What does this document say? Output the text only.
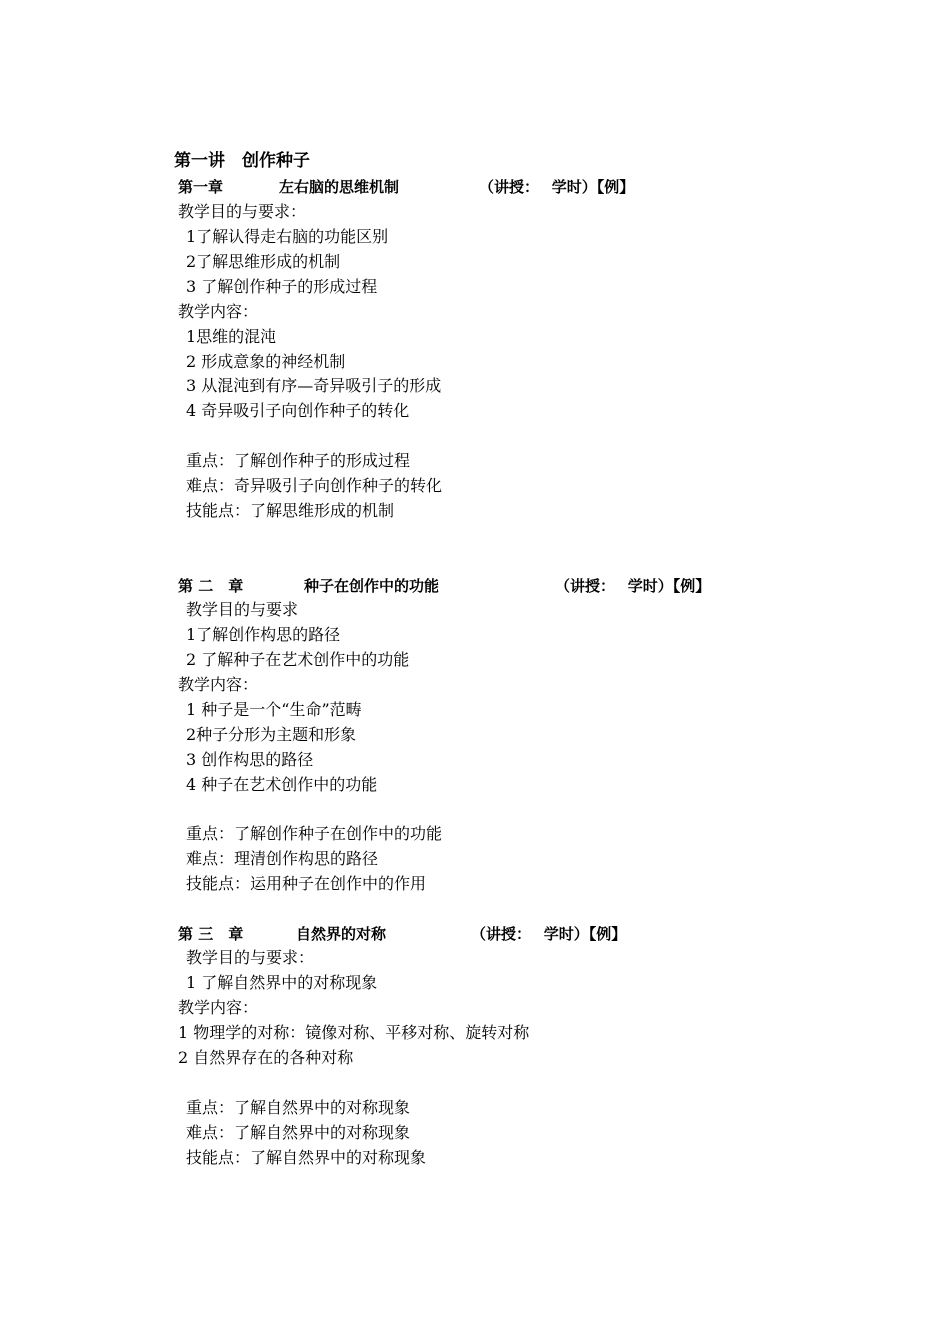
第一讲　创作种子
第一章	左右脑的思维机制	（讲授：　 学时）【例】
教学目的与要求：
1了解认得走右脑的功能区别
2了解思维形成的机制
3 了解创作种子的形成过程
教学内容：
1思维的混沌
2 形成意象的神经机制
3 从混沌到有序—奇异吸引子的形成
4 奇异吸引子向创作种子的转化
重点：了解创作种子的形成过程
难点：奇异吸引子向创作种子的转化
技能点：了解思维形成的机制
第 二　章	种子在创作中的功能	（讲授：　 学时）【例】
教学目的与要求
1了解创作构思的路径
2 了解种子在艺术创作中的功能
教学内容：
1 种子是一个“生命”范畴
2种子分形为主题和形象
3 创作构思的路径
4 种子在艺术创作中的功能
重点：了解创作种子在创作中的功能
难点：理清创作构思的路径
技能点：运用种子在创作中的作用
第 三　章	自然界的对称	（讲授：　 学时）【例】
教学目的与要求：
1 了解自然界中的对称现象
教学内容：
1 物理学的对称：镜像对称、平移对称、旋转对称
2 自然界存在的各种对称
重点：了解自然界中的对称现象
难点：了解自然界中的对称现象
技能点：了解自然界中的对称现象
